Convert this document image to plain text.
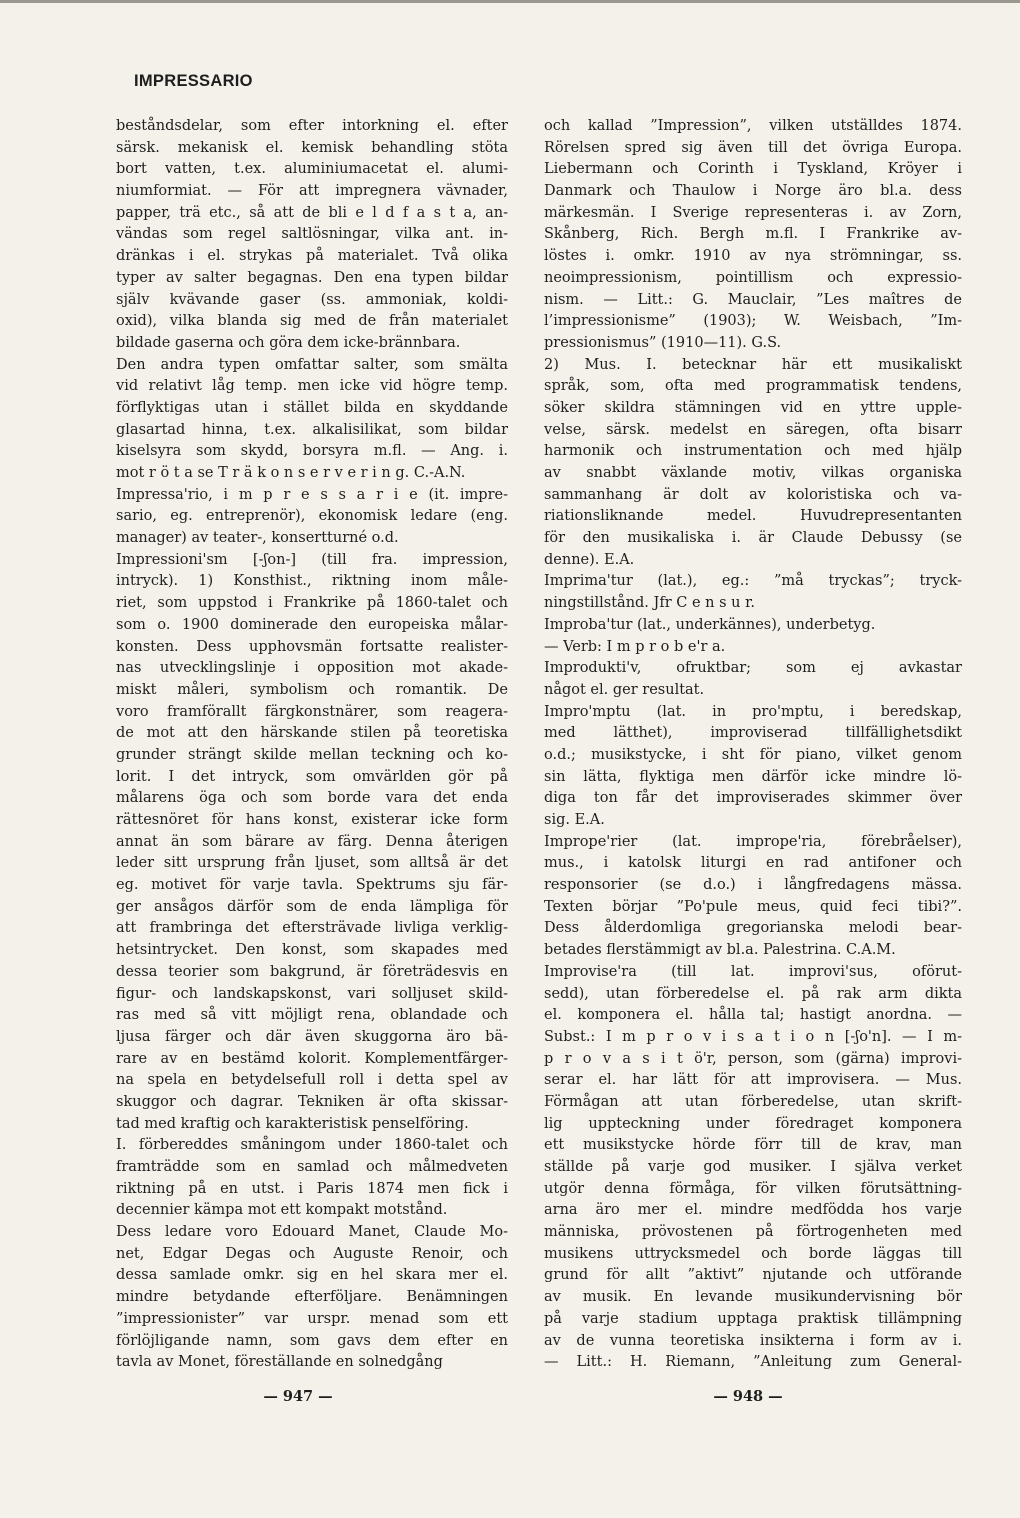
IMPRESSARIO
beståndsdelar, som efter intorkning el. efter
särsk. mekanisk el. kemisk behandling stöta
bort vatten, t.ex. aluminiumacetat el. alumi-
niumformiat. — För att impregnera vävnader,
papper, trä etc., så att de bli e l d f a s t a, an-
vändas som regel saltlösningar, vilka ant. in-
dränkas i el. strykas på materialet. Två olika
typer av salter begagnas. Den ena typen bildar
själv kvävande gaser (ss. ammoniak, koldi-
oxid), vilka blanda sig med de från materialet
bildade gaserna och göra dem icke-brännbara.
Den andra typen omfattar salter, som smälta
vid relativt låg temp. men icke vid högre temp.
förflyktigas utan i stället bilda en skyddande
glasartad hinna, t.ex. alkalisilikat, som bildar
kiselsyra som skydd, borsyra m.fl. — Ang. i.
mot r ö t a se T r ä k o n s e r v e r i n g. C.-A.N.
Impressa'rio, i m p r e s s a r i e (it. impre-
sario, eg. entreprenör), ekonomisk ledare (eng.
manager) av teater-, konsertturné o.d.
Impressioni'sm [-ʃon-] (till fra. impression,
intryck). 1) Konsthist., riktning inom måle-
riet, som uppstod i Frankrike på 1860-talet och
som o. 1900 dominerade den europeiska målar-
konsten. Dess upphovsmän fortsatte realister-
nas utvecklingslinje i opposition mot akade-
miskt måleri, symbolism och romantik. De
voro framförallt färgkonstnärer, som reagera-
de mot att den härskande stilen på teoretiska
grunder strängt skilde mellan teckning och ko-
lorit. I det intryck, som omvärlden gör på
målarens öga och som borde vara det enda
rättesnöret för hans konst, existerar icke form
annat än som bärare av färg. Denna återigen
leder sitt ursprung från ljuset, som alltså är det
eg. motivet för varje tavla. Spektrums sju fär-
ger ansågos därför som de enda lämpliga för
att frambringa det eftersträvade livliga verklig-
hetsintrycket. Den konst, som skapades med
dessa teorier som bakgrund, är företrädesvis en
figur- och landskapskonst, vari solljuset skild-
ras med så vitt möjligt rena, oblandade och
ljusa färger och där även skuggorna äro bä-
rare av en bestämd kolorit. Komplementfärger-
na spela en betydelsefull roll i detta spel av
skuggor och dagrar. Tekniken är ofta skissar-
tad med kraftig och karakteristisk penselföring.
I. förbereddes småningom under 1860-talet och
framträdde som en samlad och målmedveten
riktning på en utst. i Paris 1874 men fick i
decennier kämpa mot ett kompakt motstånd.
Dess ledare voro Edouard Manet, Claude Mo-
net, Edgar Degas och Auguste Renoir, och
dessa samlade omkr. sig en hel skara mer el.
mindre betydande efterföljare. Benämningen
”impressionister” var urspr. menad som ett
förlöjligande namn, som gavs dem efter en
tavla av Monet, föreställande en solnedgång
och kallad ”Impression”, vilken utställdes 1874.
Rörelsen spred sig även till det övriga Europa.
Liebermann och Corinth i Tyskland, Kröyer i
Danmark och Thaulow i Norge äro bl.a. dess
märkesmän. I Sverige representeras i. av Zorn,
Skånberg, Rich. Bergh m.fl. I Frankrike av-
löstes i. omkr. 1910 av nya strömningar, ss.
neoimpressionism, pointillism och expressio-
nism. — Litt.: G. Mauclair, ”Les maîtres de
l’impressionisme” (1903); W. Weisbach, ”Im-
pressionismus” (1910—11). G.S.
2) Mus. I. betecknar här ett musikaliskt
språk, som, ofta med programmatisk tendens,
söker skildra stämningen vid en yttre upple-
velse, särsk. medelst en säregen, ofta bisarr
harmonik och instrumentation och med hjälp
av snabbt växlande motiv, vilkas organiska
sammanhang är dolt av koloristiska och va-
riationsliknande medel. Huvudrepresentanten
för den musikaliska i. är Claude Debussy (se
denne). E.A.
Imprima'tur (lat.), eg.: ”må tryckas”; tryck-
ningstillstånd. Jfr C e n s u r.
Improba'tur (lat., underkännes), underbetyg.
— Verb: I m p r o b e'r a.
Improdukti'v, ofruktbar; som ej avkastar
något el. ger resultat.
Impro'mptu (lat. in pro'mptu, i beredskap,
med lätthet), improviserad tillfällighetsdikt
o.d.; musikstycke, i sht för piano, vilket genom
sin lätta, flyktiga men därför icke mindre lö-
diga ton får det improviserades skimmer över
sig. E.A.
Imprope'rier (lat. imprope'ria, förebråelser),
mus., i katolsk liturgi en rad antifoner och
responsorier (se d.o.) i långfredagens mässa.
Texten börjar ”Po'pule meus, quid feci tibi?”.
Dess ålderdomliga gregorianska melodi bear-
betades flerstämmigt av bl.a. Palestrina. C.A.M.
Improvise'ra (till lat. improvi'sus, oförut-
sedd), utan förberedelse el. på rak arm dikta
el. komponera el. hålla tal; hastigt anordna. —
Subst.: I m p r o v i s a t i o n [-ʃo'n]. — I m-
p r o v a s i t ö'r, person, som (gärna) improvi-
serar el. har lätt för att improvisera. — Mus.
Förmågan att utan förberedelse, utan skrift-
lig uppteckning under föredraget komponera
ett musikstycke hörde förr till de krav, man
ställde på varje god musiker. I själva verket
utgör denna förmåga, för vilken förutsättning-
arna äro mer el. mindre medfödda hos varje
människa, prövostenen på förtrogenheten med
musikens uttrycksmedel och borde läggas till
grund för allt ”aktivt” njutande och utförande
av musik. En levande musikundervisning bör
på varje stadium upptaga praktisk tillämpning
av de vunna teoretiska insikterna i form av i.
— Litt.: H. Riemann, ”Anleitung zum General-
— 947 —	— 948 —
